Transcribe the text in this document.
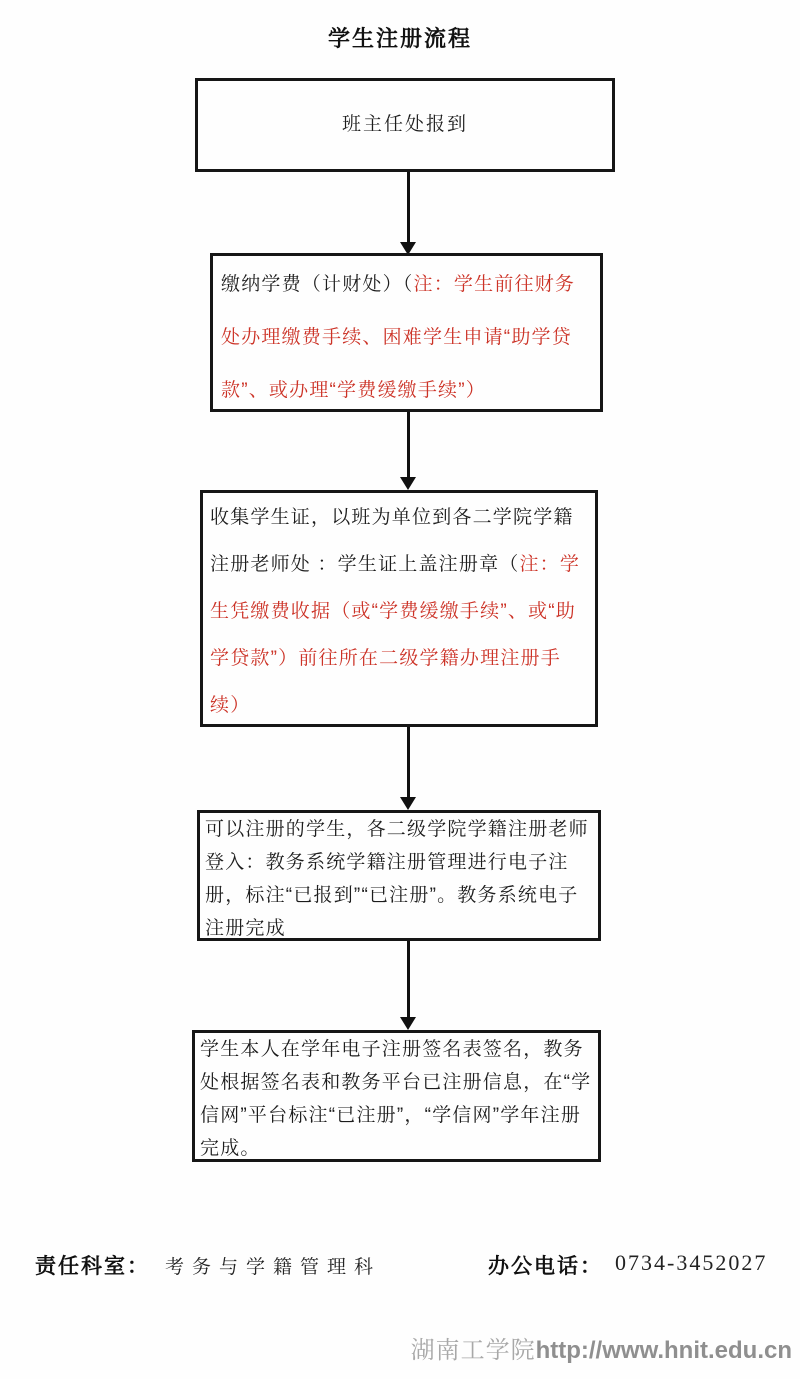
学生注册流程
班主任处报到
缴纳学费（计财处）（注：学生前往财务处办理缴费手续、困难学生申请“助学贷款”、或办理“学费缓缴手续”）
收集学生证，以班为单位到各二学院学籍注册老师处 ：学生证上盖注册章（注：学生凭缴费收据（或“学费缓缴手续”、或“助学贷款”）前往所在二级学籍办理注册手续）
可以注册的学生，各二级学院学籍注册老师登入：教务系统学籍注册管理进行电子注册，标注“已报到”“已注册”。教务系统电子注册完成
学生本人在学年电子注册签名表签名，教务处根据签名表和教务平台已注册信息，在“学信网”平台标注“已注册”，“学信网”学年注册完成。
责任科室： 考务与学籍管理科	办公电话： 0734-3452027
湖南工学院http://www.hnit.edu.cn
